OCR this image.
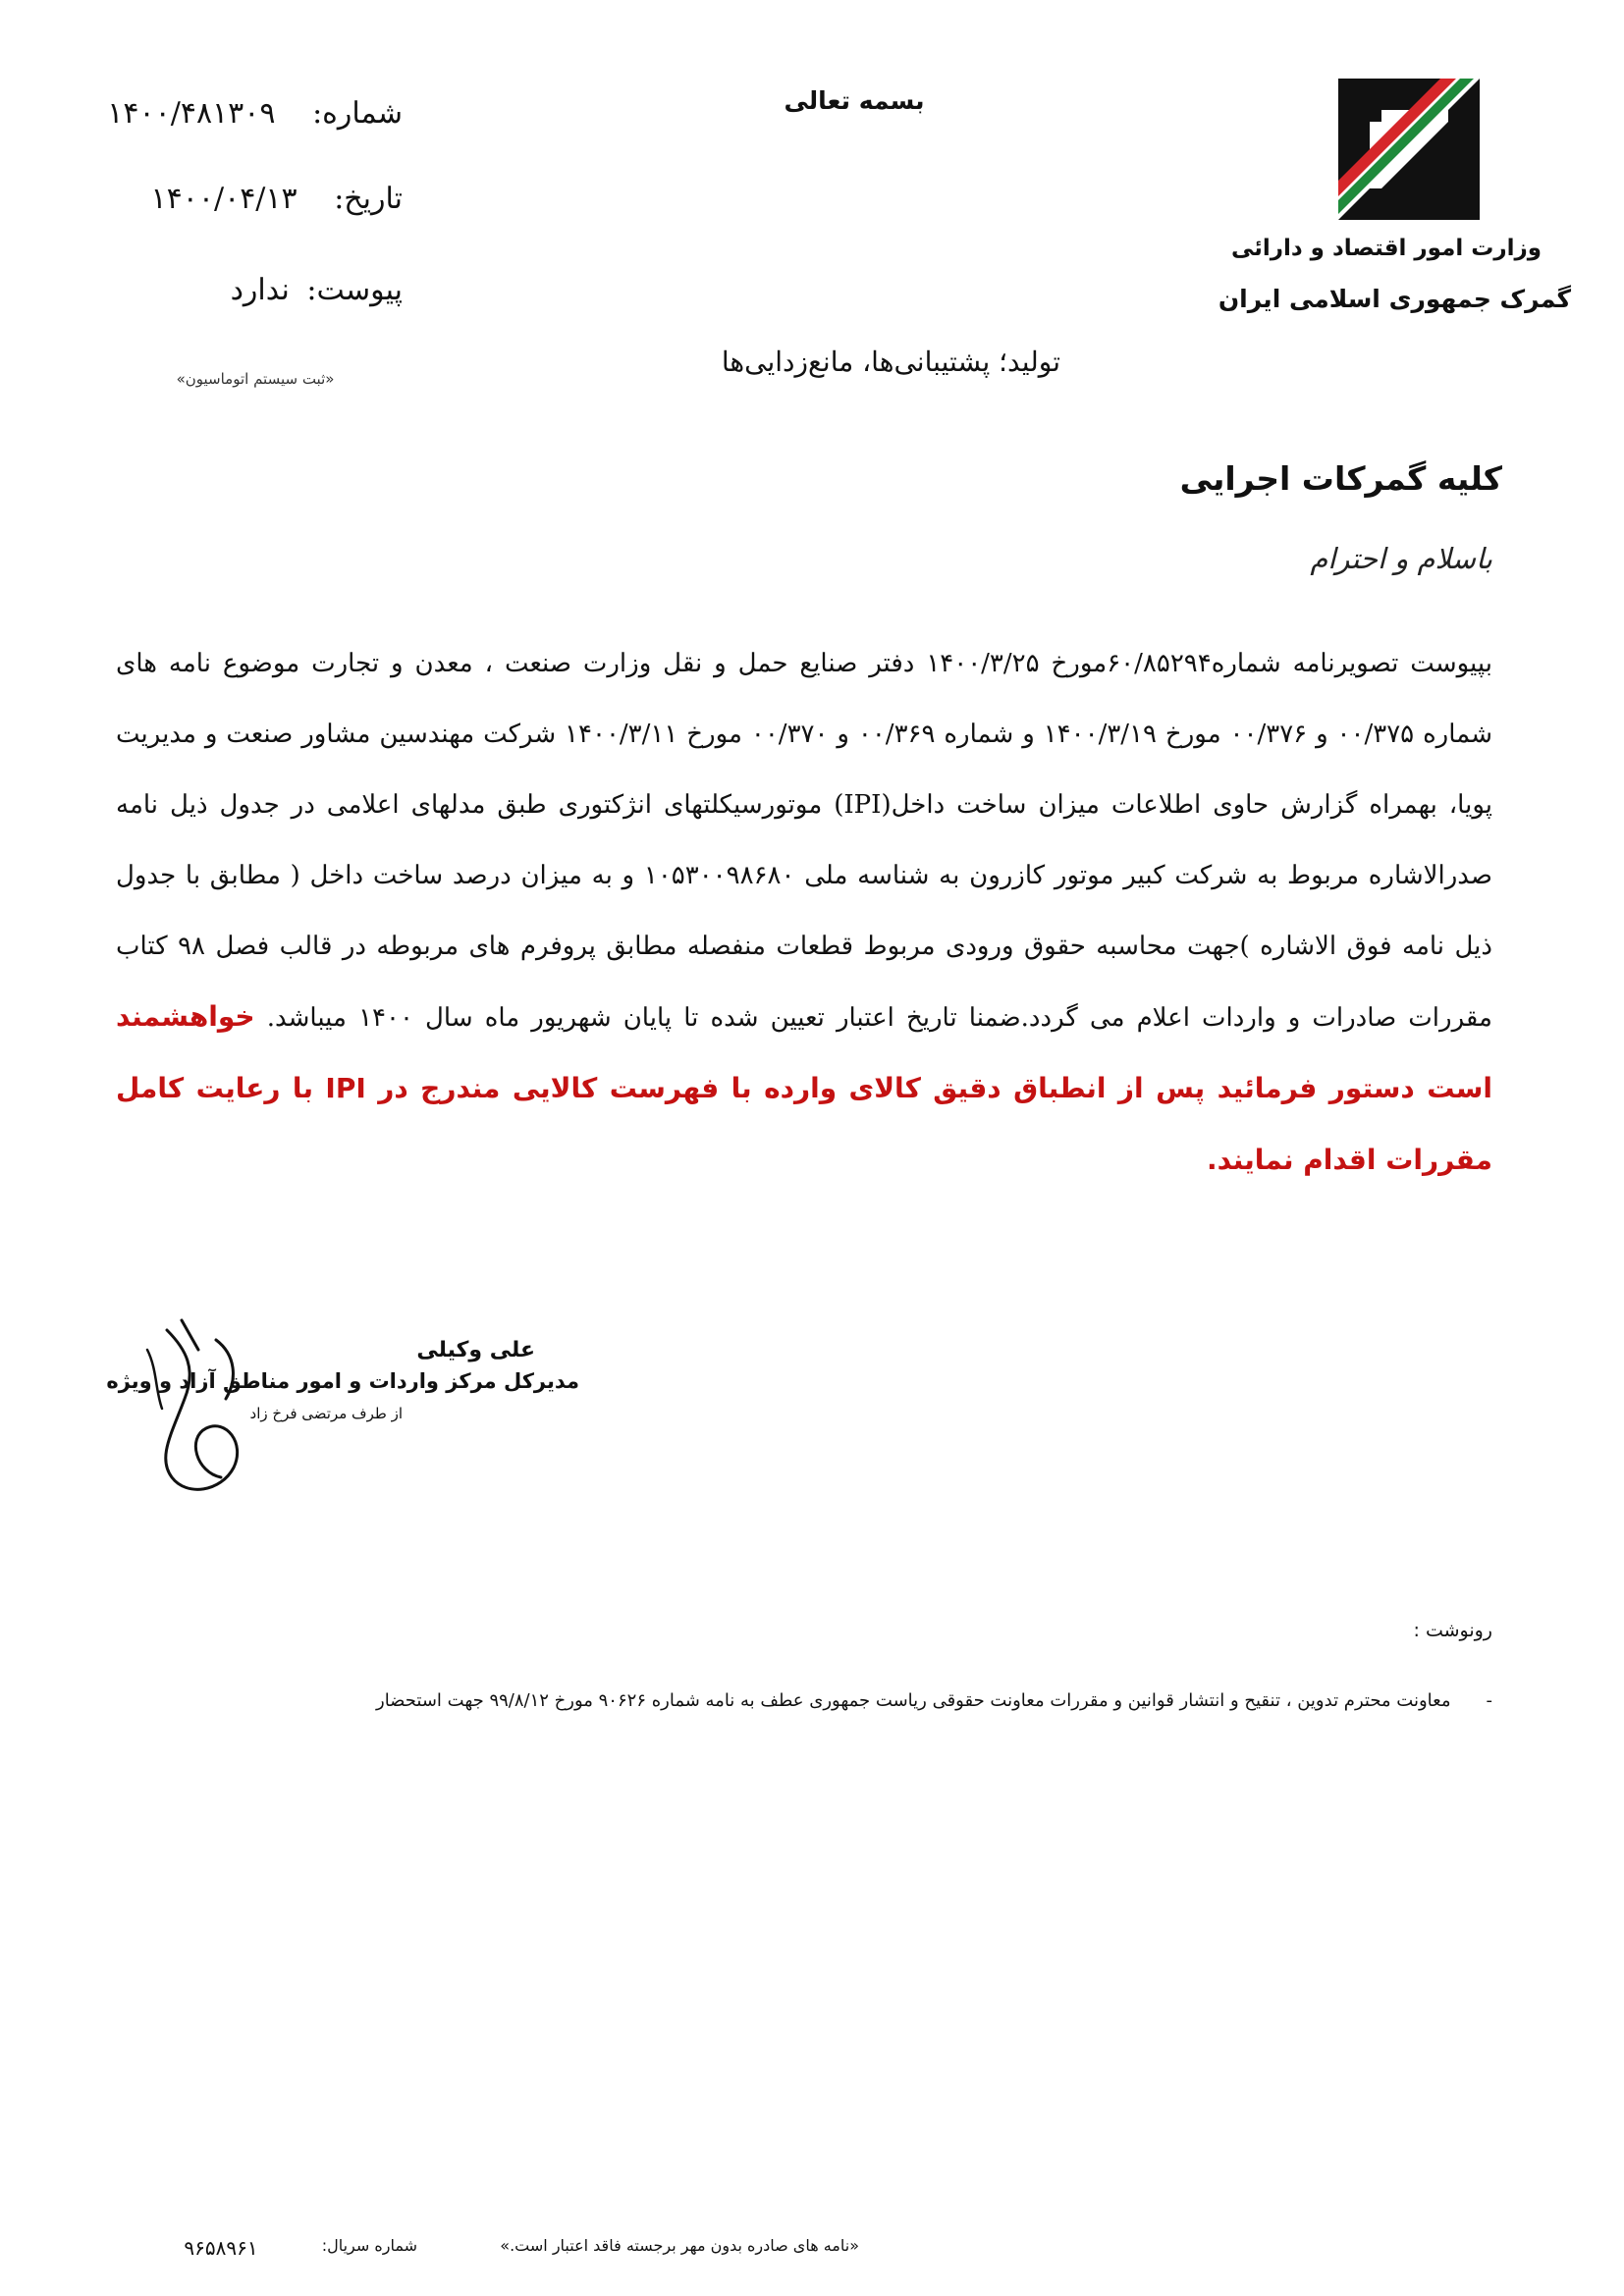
وزارت امور اقتصاد و دارائی
گمرک جمهوری اسلامی ایران
بسمه تعالی
شماره: ۱۴۰۰/۴۸۱۳۰۹
تاریخ: ۱۴۰۰/۰۴/۱۳
پیوست: ندارد
«ثبت سیستم اتوماسیون»
تولید؛ پشتیبانی‌ها، مانع‌زدایی‌ها
کلیه گمرکات اجرایی
باسلام و احترام
بپیوست تصویرنامه شماره۶۰/۸۵۲۹۴مورخ ۱۴۰۰/۳/۲۵ دفتر صنایع حمل و نقل وزارت صنعت ، معدن و تجارت موضوع نامه های شماره ۰۰/۳۷۵ و ۰۰/۳۷۶ مورخ ۱۴۰۰/۳/۱۹ و شماره ۰۰/۳۶۹ و ۰۰/۳۷۰ مورخ ۱۴۰۰/۳/۱۱ شرکت مهندسین مشاور صنعت و مدیریت پویا، بهمراه گزارش حاوی اطلاعات میزان ساخت داخل(IPI) موتورسیکلتهای انژکتوری طبق مدلهای اعلامی در جدول ذیل نامه صدرالاشاره مربوط به شرکت کبیر موتور کازرون به شناسه ملی ۱۰۵۳۰۰۹۸۶۸۰ و به میزان درصد ساخت داخل ( مطابق با جدول ذیل نامه فوق الاشاره )جهت محاسبه حقوق ورودی مربوط قطعات منفصله مطابق پروفرم های مربوطه در قالب فصل ۹۸ کتاب مقررات صادرات و واردات اعلام می گردد.ضمنا تاریخ اعتبار تعیین شده تا پایان شهریور ماه سال ۱۴۰۰ میباشد. خواهشمند است دستور فرمائید پس از انطباق دقیق کالای وارده با فهرست کالایی مندرج در IPI با رعایت کامل مقررات اقدام نمایند.
علی وکیلی
مدیرکل مرکز واردات و امور مناطق آزاد و ویژه
از طرف مرتضی فرخ زاد
رونوشت :
-معاونت محترم تدوین ، تنقیح و انتشار قوانین و مقررات معاونت حقوقی ریاست جمهوری عطف به نامه شماره ۹۰۶۲۶ مورخ ۹۹/۸/۱۲ جهت استحضار
«نامه های صادره بدون مهر برجسته فاقد اعتبار است.»
شماره سریال:
۹۶۵۸۹۶۱
